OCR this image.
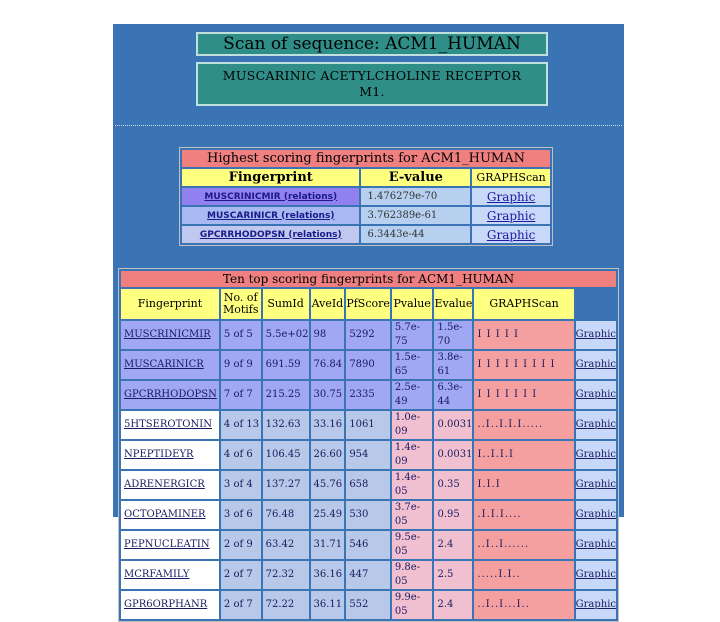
Scan of sequence: ACM1_HUMAN
MUSCARINIC ACETYLCHOLINE RECEPTOR
M1.
Highest scoring fingerprints for ACM1_HUMAN		
Fingerprint	E-value	GRAPHScan
MUSCRINICMIR (relations)	1.476279e-70	Graphic
MUSCARINICR (relations)	3.762389e-61	Graphic
GPCRRHODOPSN (relations)	6.3443e-44	Graphic
Ten top scoring fingerprints for ACM1_HUMAN								
Fingerprint	No. of Motifs	SumId	AveId	PfScore	Pvalue	Evalue	GRAPHScan	
MUSCRINICMIR	5 of 5	5.5e+02	98	5292	5.7e-75	1.5e-70	I I I I I	Graphic
MUSCARINICR	9 of 9	691.59	76.84	7890	1.5e-65	3.8e-61	I I I I I I I I I	Graphic
GPCRRHODOPSN	7 of 7	215.25	30.75	2335	2.5e-49	6.3e-44	I I I I I I I	Graphic
5HTSEROTONIN	4 of 13	132.63	33.16	1061	1.0e-09	0.0031	..I..I.I.I.....	Graphic
NPEPTIDEYR	4 of 6	106.45	26.60	954	1.4e-09	0.0031	I..I.I.I	Graphic
ADRENERGICR	3 of 4	137.27	45.76	658	1.4e-05	0.35	I.I.I	Graphic
OCTOPAMINER	3 of 6	76.48	25.49	530	3.7e-05	0.95	.I.I.I....	Graphic
PEPNUCLEATIN	2 of 9	63.42	31.71	546	9.5e-05	2.4	..I..I......	Graphic
MCRFAMILY	2 of 7	72.32	36.16	447	9.8e-05	2.5	.....I.I..	Graphic
GPR6ORPHANR	2 of 7	72.22	36.11	552	9.9e-05	2.4	..I..I...I..	Graphic
